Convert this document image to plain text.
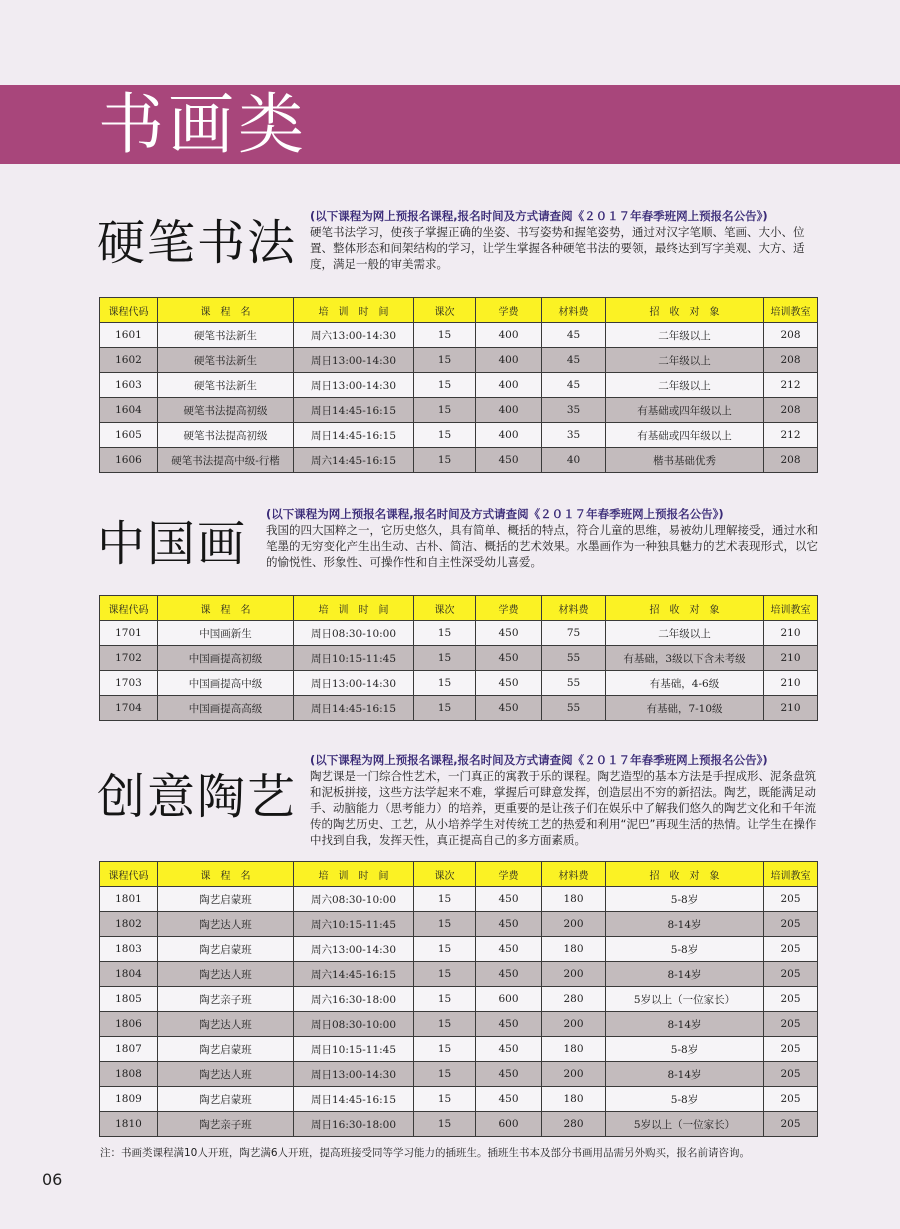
书画类
硬笔书法 (以下课程为网上预报名课程,报名时间及方式请查阅《２０１７年春季班网上预报名公告》)

硬笔书法学习，使孩子掌握正确的坐姿、书写姿势和握笔姿势，通过对汉字笔顺、笔画、大小、位置、整体形态和间架结构的学习，让学生掌握各种硬笔书法的要领，最终达到写字美观、大方、适度，满足一般的审美需求。

课程代码	课　程　名	培　训　时　间	课次	学费	材料费	招　收　对　象	培训教室
1601	硬笔书法新生	周六13:00-14:30	15	400	45	二年级以上	208
1602	硬笔书法新生	周日13:00-14:30	15	400	45	二年级以上	208
1603	硬笔书法新生	周日13:00-14:30	15	400	45	二年级以上	212
1604	硬笔书法提高初级	周日14:45-16:15	15	400	35	有基础或四年级以上	208
1605	硬笔书法提高初级	周日14:45-16:15	15	400	35	有基础或四年级以上	212
1606	硬笔书法提高中级-行楷	周六14:45-16:15	15	450	40	楷书基础优秀	208
中国画
(以下课程为网上预报名课程,报名时间及方式请查阅《２０１７年春季班网上预报名公告》)

我国的四大国粹之一，它历史悠久，具有简单、概括的特点，符合儿童的思维，易被幼儿理解接受，通过水和笔墨的无穷变化产生出生动、古朴、简洁、概括的艺术效果。水墨画作为一种独具魅力的艺术表现形式，以它的愉悦性、形象性、可操作性和自主性深受幼儿喜爱。

课程代码	课　程　名	培　训　时　间	课次	学费	材料费	招　收　对　象	培训教室
1701	中国画新生	周日08:30-10:00	15	450	75	二年级以上	210
1702	中国画提高初级	周日10:15-11:45	15	450	55	有基础，3级以下含未考级	210
1703	中国画提高中级	周日13:00-14:30	15	450	55	有基础，4-6级	210
1704	中国画提高高级	周日14:45-16:15	15	450	55	有基础，7-10级	210
创意陶艺
(以下课程为网上预报名课程,报名时间及方式请查阅《２０１７年春季班网上预报名公告》)

陶艺课是一门综合性艺术，一门真正的寓教于乐的课程。陶艺造型的基本方法是手捏成形、泥条盘筑和泥板拼接，这些方法学起来不难，掌握后可肆意发挥，创造层出不穷的新招法。陶艺，既能满足动手、动脑能力（思考能力）的培养，更重要的是让孩子们在娱乐中了解我们悠久的陶艺文化和千年流传的陶艺历史、工艺，从小培养学生对传统工艺的热爱和利用“泥巴”再现生活的热情。让学生在操作中找到自我，发挥天性，真正提高自己的多方面素质。

课程代码	课　程　名	培　训　时　间	课次	学费	材料费	招　收　对　象	培训教室
1801	陶艺启蒙班	周六08:30-10:00	15	450	180	5-8岁	205
1802	陶艺达人班	周六10:15-11:45	15	450	200	8-14岁	205
1803	陶艺启蒙班	周六13:00-14:30	15	450	180	5-8岁	205
1804	陶艺达人班	周六14:45-16:15	15	450	200	8-14岁	205
1805	陶艺亲子班	周六16:30-18:00	15	600	280	5岁以上（一位家长）	205
1806	陶艺达人班	周日08:30-10:00	15	450	200	8-14岁	205
1807	陶艺启蒙班	周日10:15-11:45	15	450	180	5-8岁	205
1808	陶艺达人班	周日13:00-14:30	15	450	200	8-14岁	205
1809	陶艺启蒙班	周日14:45-16:15	15	450	180	5-8岁	205
1810	陶艺亲子班	周日16:30-18:00	15	600	280	5岁以上（一位家长）	205
注：书画类课程满10人开班，陶艺满6人开班，提高班接受同等学习能力的插班生。插班生书本及部分书画用品需另外购买，报名前请咨询。
06
